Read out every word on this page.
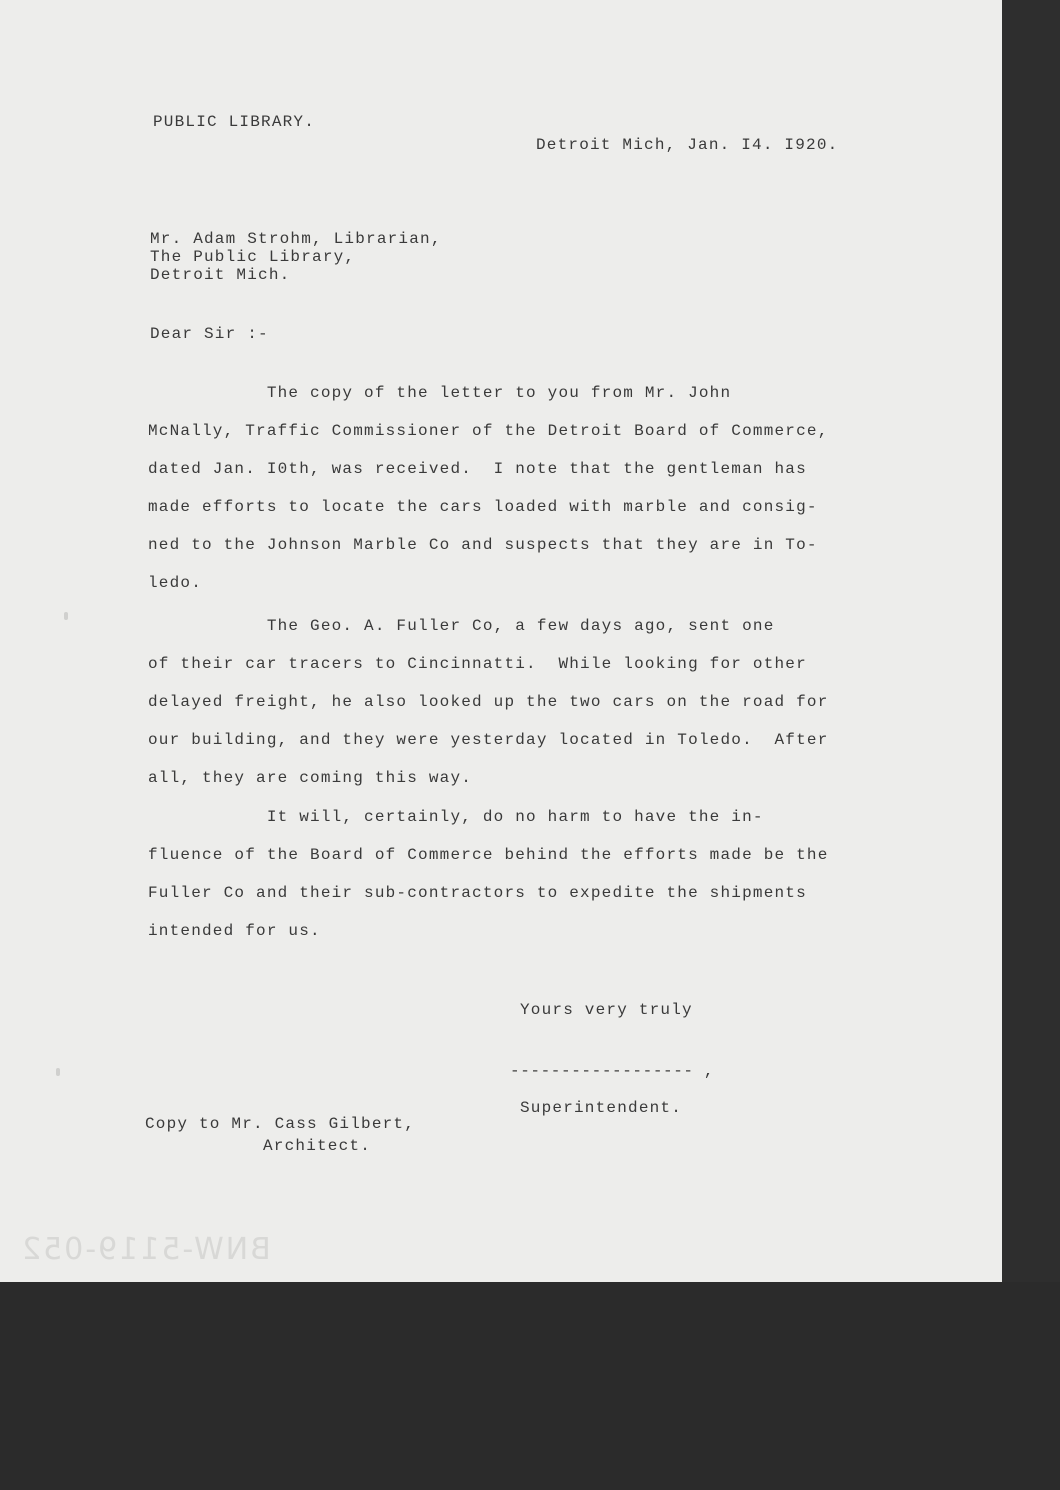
PUBLIC LIBRARY.
Detroit Mich, Jan. I4. I920.
Mr. Adam Strohm, Librarian,
The Public Library,
Detroit Mich.
Dear Sir :-
The copy of the letter to you from Mr. John
McNally, Traffic Commissioner of the Detroit Board of Commerce,
dated Jan. I0th, was received.  I note that the gentleman has
made efforts to locate the cars loaded with marble and consig-
ned to the Johnson Marble Co and suspects that they are in To-
ledo.
The Geo. A. Fuller Co, a few days ago, sent one
of their car tracers to Cincinnatti.  While looking for other
delayed freight, he also looked up the two cars on the road for
our building, and they were yesterday located in Toledo.  After
all, they are coming this way.
It will, certainly, do no harm to have the in-
fluence of the Board of Commerce behind the efforts made be the
Fuller Co and their sub-contractors to expedite the shipments
intended for us.
Yours very truly
------------------ ,
Superintendent.
Copy to Mr. Cass Gilbert,
Architect.
BNW-5119-052
